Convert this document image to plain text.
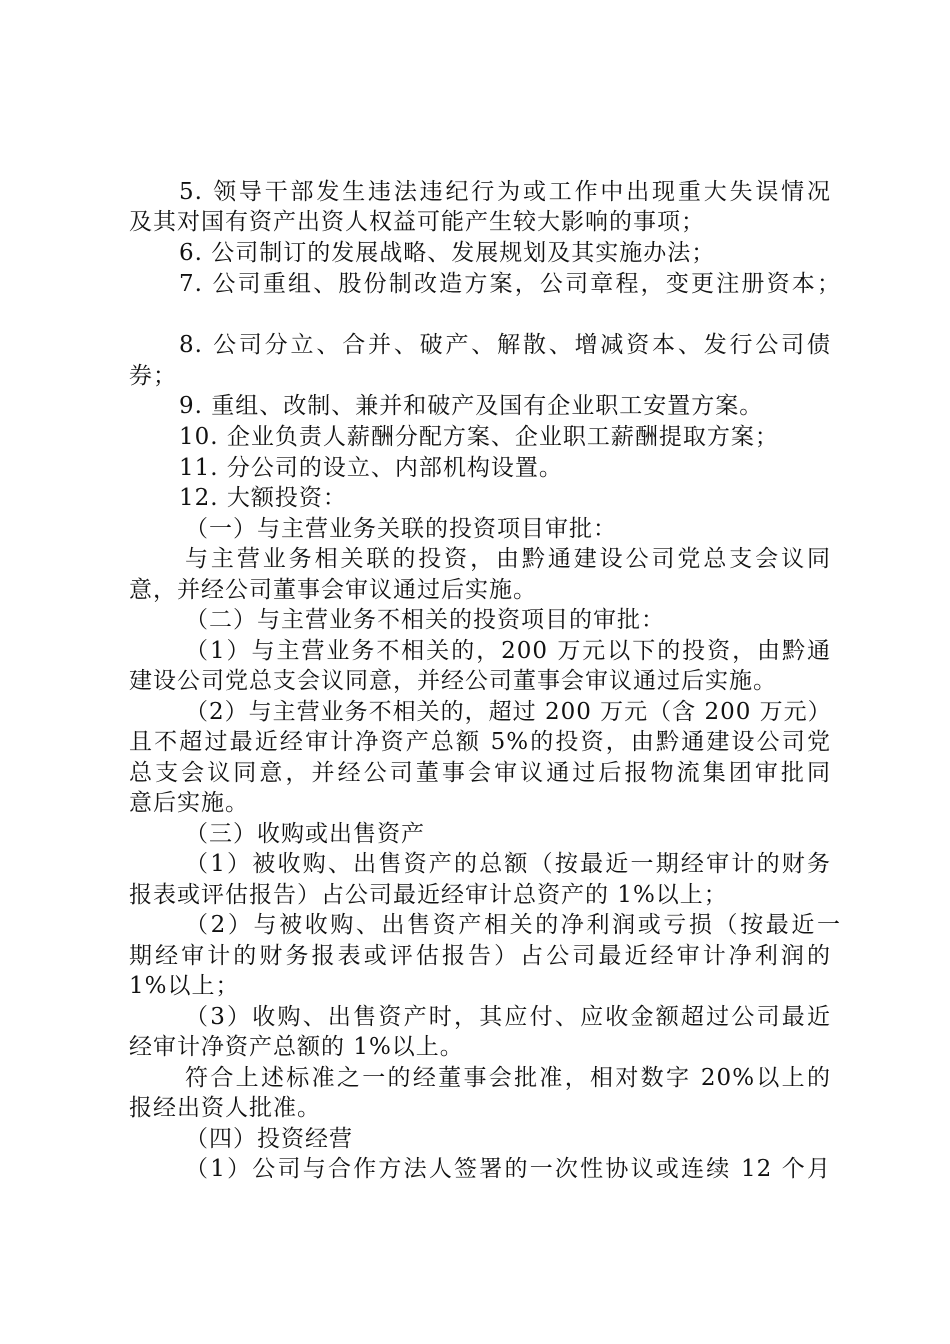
5. 领导干部发生违法违纪行为或工作中出现重大失误情况
及其对国有资产出资人权益可能产生较大影响的事项；
6. 公司制订的发展战略、发展规划及其实施办法；
7. 公司重组、股份制改造方案，公司章程，变更注册资本；
8. 公司分立、合并、破产、解散、增减资本、发行公司债
券；
9. 重组、改制、兼并和破产及国有企业职工安置方案。
10. 企业负责人薪酬分配方案、企业职工薪酬提取方案；
11. 分公司的设立、内部机构设置。
12. 大额投资：
（一）与主营业务关联的投资项目审批：
与主营业务相关联的投资，由黔通建设公司党总支会议同
意，并经公司董事会审议通过后实施。
（二）与主营业务不相关的投资项目的审批：
（1）与主营业务不相关的，200 万元以下的投资，由黔通
建设公司党总支会议同意，并经公司董事会审议通过后实施。
（2）与主营业务不相关的，超过 200 万元（含 200 万元）
且不超过最近经审计净资产总额 5%的投资，由黔通建设公司党
总支会议同意，并经公司董事会审议通过后报物流集团审批同
意后实施。
（三）收购或出售资产
（1）被收购、出售资产的总额（按最近一期经审计的财务
报表或评估报告）占公司最近经审计总资产的 1%以上；
（2）与被收购、出售资产相关的净利润或亏损（按最近一
期经审计的财务报表或评估报告）占公司最近经审计净利润的
1%以上；
（3）收购、出售资产时，其应付、应收金额超过公司最近
经审计净资产总额的 1%以上。
符合上述标准之一的经董事会批准，相对数字 20%以上的
报经出资人批准。
（四）投资经营
（1）公司与合作方法人签署的一次性协议或连续 12 个月
